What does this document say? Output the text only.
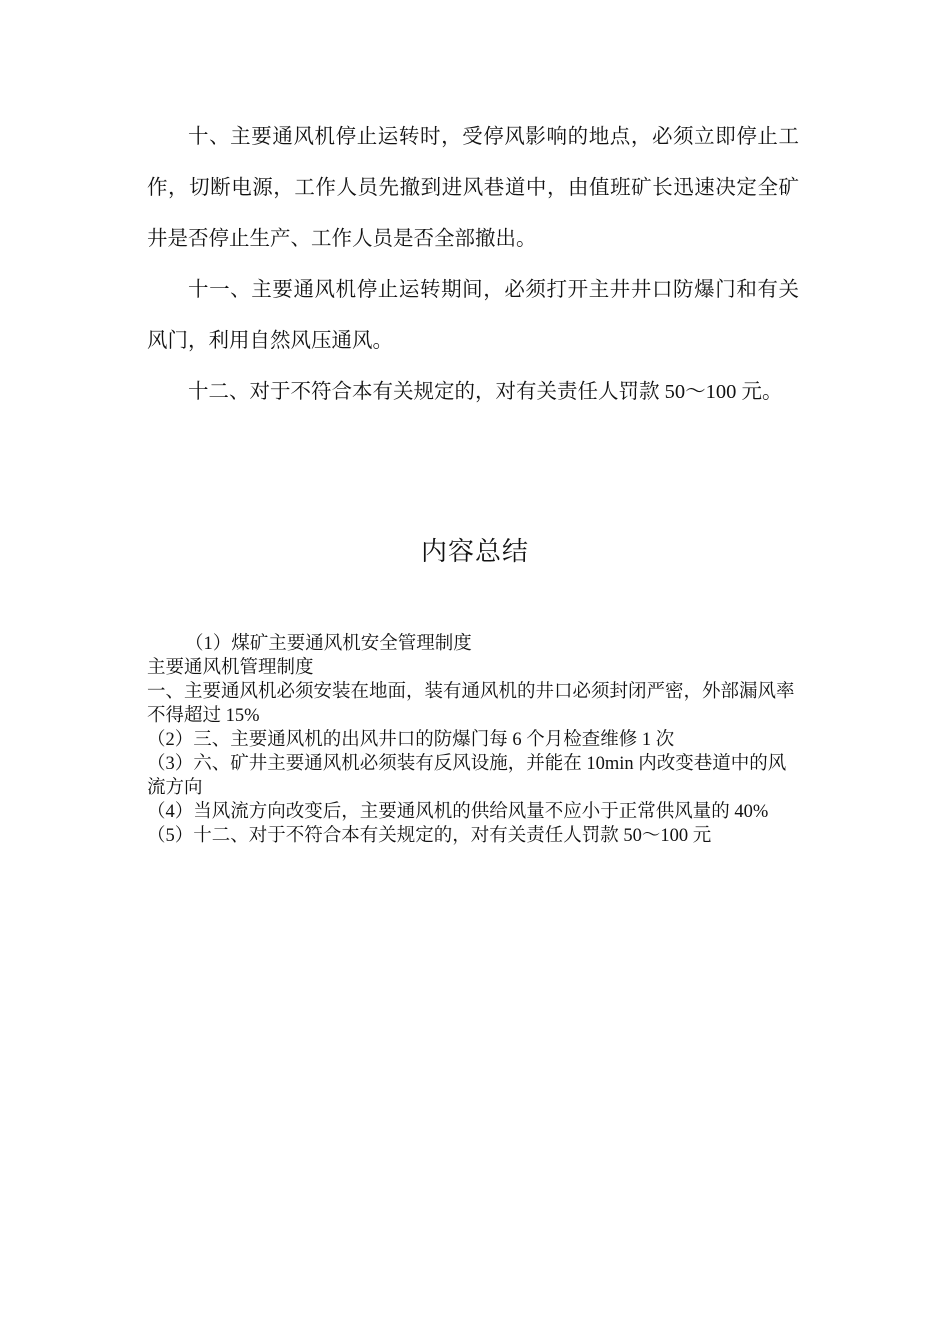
十、主要通风机停止运转时，受停风影响的地点，必须立即停止工作，切断电源，工作人员先撤到进风巷道中，由值班矿长迅速决定全矿井是否停止生产、工作人员是否全部撤出。

十一、主要通风机停止运转期间，必须打开主井井口防爆门和有关风门，利用自然风压通风。

十二、对于不符合本有关规定的，对有关责任人罚款 50～100 元。

内容总结
（1）煤矿主要通风机安全管理制度
主要通风机管理制度
一、主要通风机必须安装在地面，装有通风机的井口必须封闭严密，外部漏风率不得超过 15%
（2）三、主要通风机的出风井口的防爆门每 6 个月检查维修 1 次
（3）六、矿井主要通风机必须装有反风设施，并能在 10min 内改变巷道中的风流方向
（4）当风流方向改变后，主要通风机的供给风量不应小于正常供风量的 40%
（5）十二、对于不符合本有关规定的，对有关责任人罚款 50～100 元
